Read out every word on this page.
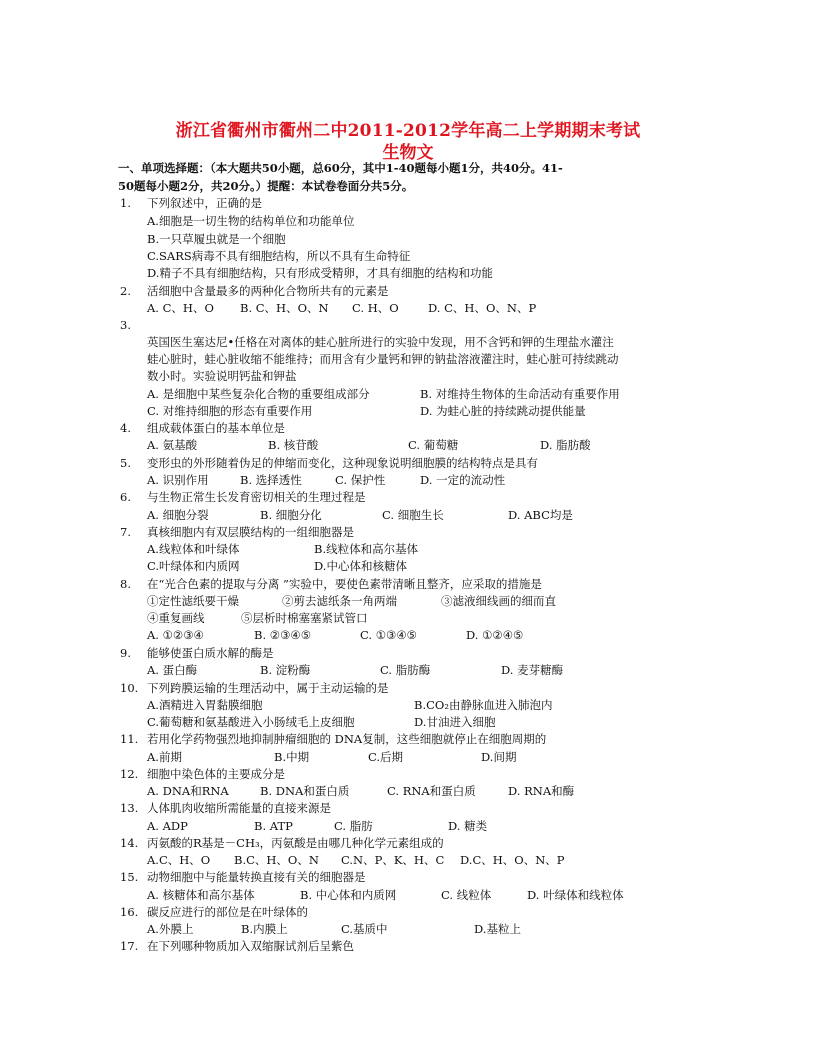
浙江省衢州市衢州二中2011-2012学年高二上学期期末考试
生物文
一、单项选择题：（本大题共50小题，总60分，其中1-40题每小题1分，共40分。41-
50题每小题2分，共20分。）提醒：本试卷卷面分共5分。
1. 下列叙述中，正确的是
A.细胞是一切生物的结构单位和功能单位
B.一只草履虫就是一个细胞
C.SARS病毒不具有细胞结构，所以不具有生命特征
D.精子不具有细胞结构，只有形成受精卵，才具有细胞的结构和功能
2. 活细胞中含量最多的两种化合物所共有的元素是
A. C、H、O B. C、H、O、N C. H、O	D. C、H、O、N、P
3.
英国医生塞达尼•任格在对离体的蛙心脏所进行的实验中发现，用不含钙和钾的生理盐水灌注
蛙心脏时，蛙心脏收缩不能维持；而用含有少量钙和钾的钠盐溶液灌注时，蛙心脏可持续跳动
数小时。实验说明钙盐和钾盐
A. 是细胞中某些复杂化合物的重要组成部分	B. 对维持生物体的生命活动有重要作用
C. 对维持细胞的形态有重要作用	D. 为蛙心脏的持续跳动提供能量
4. 组成载体蛋白的基本单位是
A. 氨基酸	B. 核苷酸	C. 葡萄糖	D. 脂肪酸
5. 变形虫的外形随着伪足的伸缩而变化，这种现象说明细胞膜的结构特点是具有
A. 识别作用	B. 选择透性	C. 保护性	D. 一定的流动性
6. 与生物正常生长发育密切相关的生理过程是
A. 细胞分裂	B. 细胞分化	C. 细胞生长	D. ABC均是
7. 真核细胞内有双层膜结构的一组细胞器是
A.线粒体和叶绿体	B.线粒体和高尔基体
C.叶绿体和内质网	D.中心体和核糖体
8. 在“光合色素的提取与分离 ”实验中，要使色素带清晰且整齐，应采取的措施是
①定性滤纸要干燥	②剪去滤纸条一角两端	③滤液细线画的细而直
④重复画线	⑤层析时棉塞塞紧试管口
A. ①②③④	B. ②③④⑤	C. ①③④⑤	D. ①②④⑤
9. 能够使蛋白质水解的酶是
A. 蛋白酶	B. 淀粉酶	C. 脂肪酶	D. 麦芽糖酶
10. 下列跨膜运输的生理活动中，属于主动运输的是
A.酒精进入胃黏膜细胞	B.CO₂由静脉血进入肺泡内
C.葡萄糖和氨基酸进入小肠绒毛上皮细胞	D.甘油进入细胞
11. 若用化学药物强烈地抑制肿瘤细胞的 DNA复制，这些细胞就停止在细胞周期的
A.前期	B.中期	C.后期	D.间期
12. 细胞中染色体的主要成分是
A. DNA和RNA	B. DNA和蛋白质	C. RNA和蛋白质	D. RNA和酶
13. 人体肌肉收缩所需能量的直接来源是
A. ADP	B. ATP	C. 脂肪	D. 糖类
14. 丙氨酸的R基是－CH₃，丙氨酸是由哪几种化学元素组成的
A.C、H、O B.C、H、O、N C.N、P、K、H、C D.C、H、O、N、P
15. 动物细胞中与能量转换直接有关的细胞器是
A. 核糖体和高尔基体	B. 中心体和内质网	C. 线粒体	D. 叶绿体和线粒体
16. 碳反应进行的部位是在叶绿体的
A.外膜上	B.内膜上	C.基质中	D.基粒上
17. 在下列哪种物质加入双缩脲试剂后呈紫色
